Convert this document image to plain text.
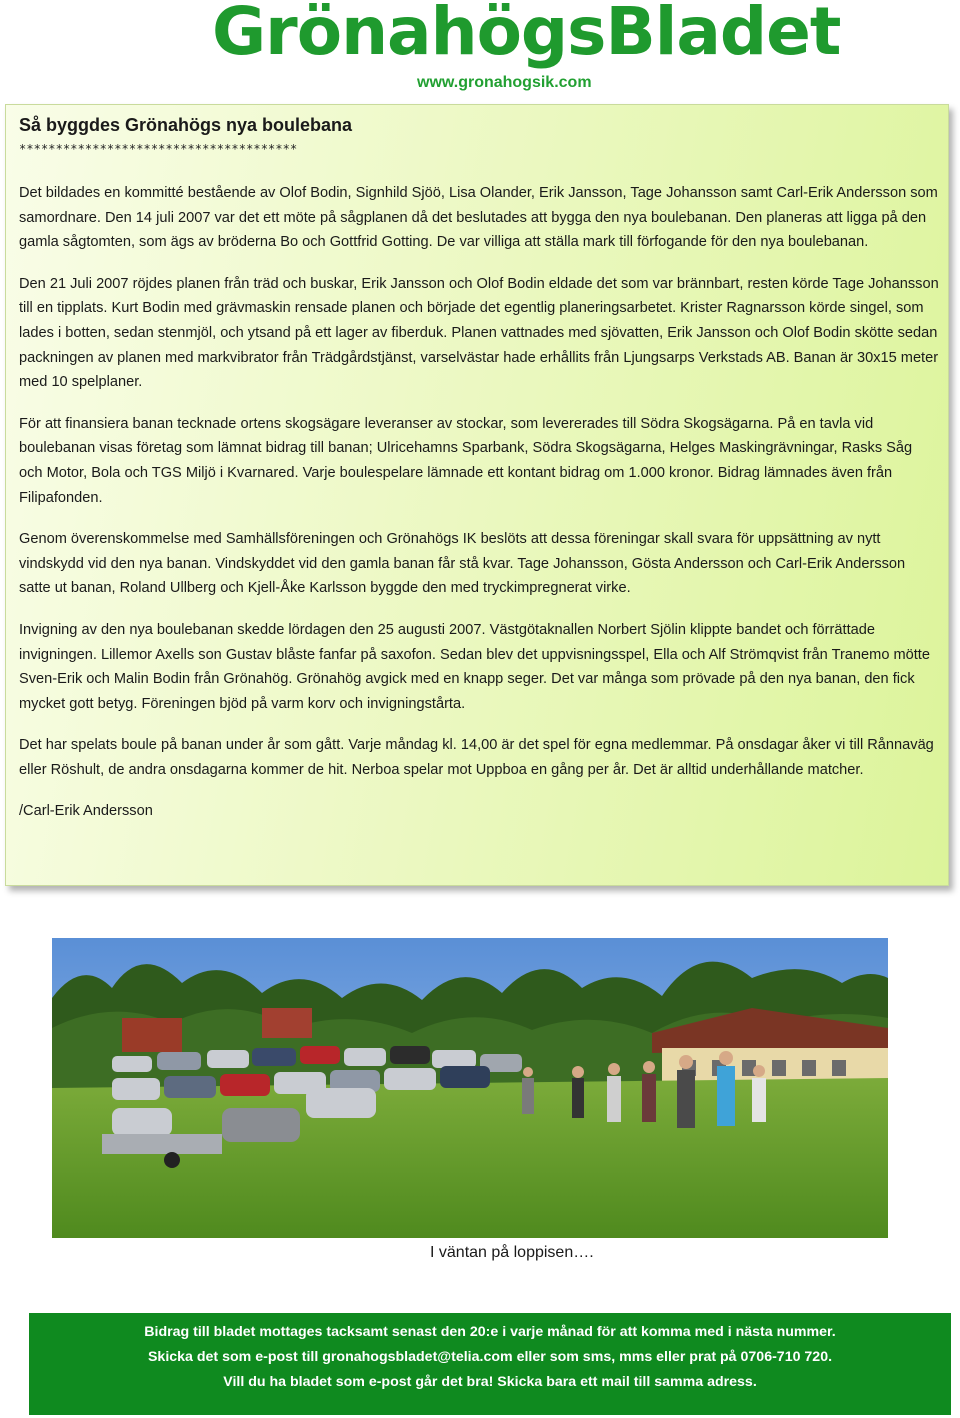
GrönahögsBladet
www.gronahogsik.com
Så byggdes Grönahögs nya boulebana
**************************************

Det bildades en kommitté bestående av Olof Bodin, Signhild Sjöö, Lisa Olander, Erik Jansson, Tage Johansson samt Carl-Erik Andersson som samordnare. Den 14 juli 2007 var det ett möte på sågplanen då det beslutades att bygga den nya boulebanan. Den planeras att ligga på den gamla sågtomten, som ägs av bröderna Bo och Gottfrid Gotting. De var villiga att ställa mark till förfogande för den nya boulebanan.

Den 21 Juli 2007 röjdes planen från träd och buskar, Erik Jansson och Olof Bodin eldade det som var brännbart, resten körde Tage Johansson till en tipplats. Kurt Bodin med grävmaskin rensade planen och började det egentlig planeringsarbetet. Krister Ragnarsson körde singel, som lades i botten, sedan stenmjöl, och ytsand på ett lager av fiberduk. Planen vattnades med sjövatten, Erik Jansson och Olof Bodin skötte sedan packningen av planen med markvibrator från Trädgårdstjänst, varselvästar hade erhållits från Ljungsarps Verkstads AB. Banan är 30x15 meter med 10 spelplaner.

För att finansiera banan tecknade ortens skogsägare leveranser av stockar, som levererades till Södra Skogsägarna. På en tavla vid boulebanan visas företag som lämnat bidrag till banan; Ulricehamns Sparbank, Södra Skogsägarna, Helges Maskingrävningar, Rasks Såg och Motor, Bola och TGS Miljö i Kvarnared. Varje boulespelare lämnade ett kontant bidrag om 1.000 kronor. Bidrag lämnades även från Filipafonden.

Genom överenskommelse med Samhällsföreningen och Grönahögs IK beslöts att dessa föreningar skall svara för uppsättning av nytt vindskydd vid den nya banan. Vindskyddet vid den gamla banan får stå kvar. Tage Johansson, Gösta Andersson och Carl-Erik Andersson satte ut banan, Roland Ullberg och Kjell-Åke Karlsson byggde den med tryckimpregnerat virke.

Invigning av den nya boulebanan skedde lördagen den 25 augusti 2007. Västgötaknallen Norbert Sjölin klippte bandet och förrättade invigningen. Lillemor Axells son Gustav blåste fanfar på saxofon. Sedan blev det uppvisningsspel, Ella och Alf Strömqvist från Tranemo mötte Sven-Erik och Malin Bodin från Grönahög. Grönahög avgick med en knapp seger. Det var många som prövade på den nya banan, den fick mycket gott betyg. Föreningen bjöd på varm korv och invigningstårta.

Det har spelats boule på banan under år som gått. Varje måndag kl. 14,00 är det spel för egna medlemmar. På onsdagar åker vi till Rånnaväg eller Röshult, de andra onsdagarna kommer de hit. Nerboa spelar mot Uppboa en gång per år. Det är alltid underhållande matcher.

/Carl-Erik Andersson

I väntan på loppisen….
Bidrag till bladet mottages tacksamt senast den 20:e i varje månad för att komma med i nästa nummer.
Skicka det som e-post till gronahogsbladet@telia.com eller som sms, mms eller prat på 0706-710 720.
Vill du ha bladet som e-post går det bra! Skicka bara ett mail till samma adress.
